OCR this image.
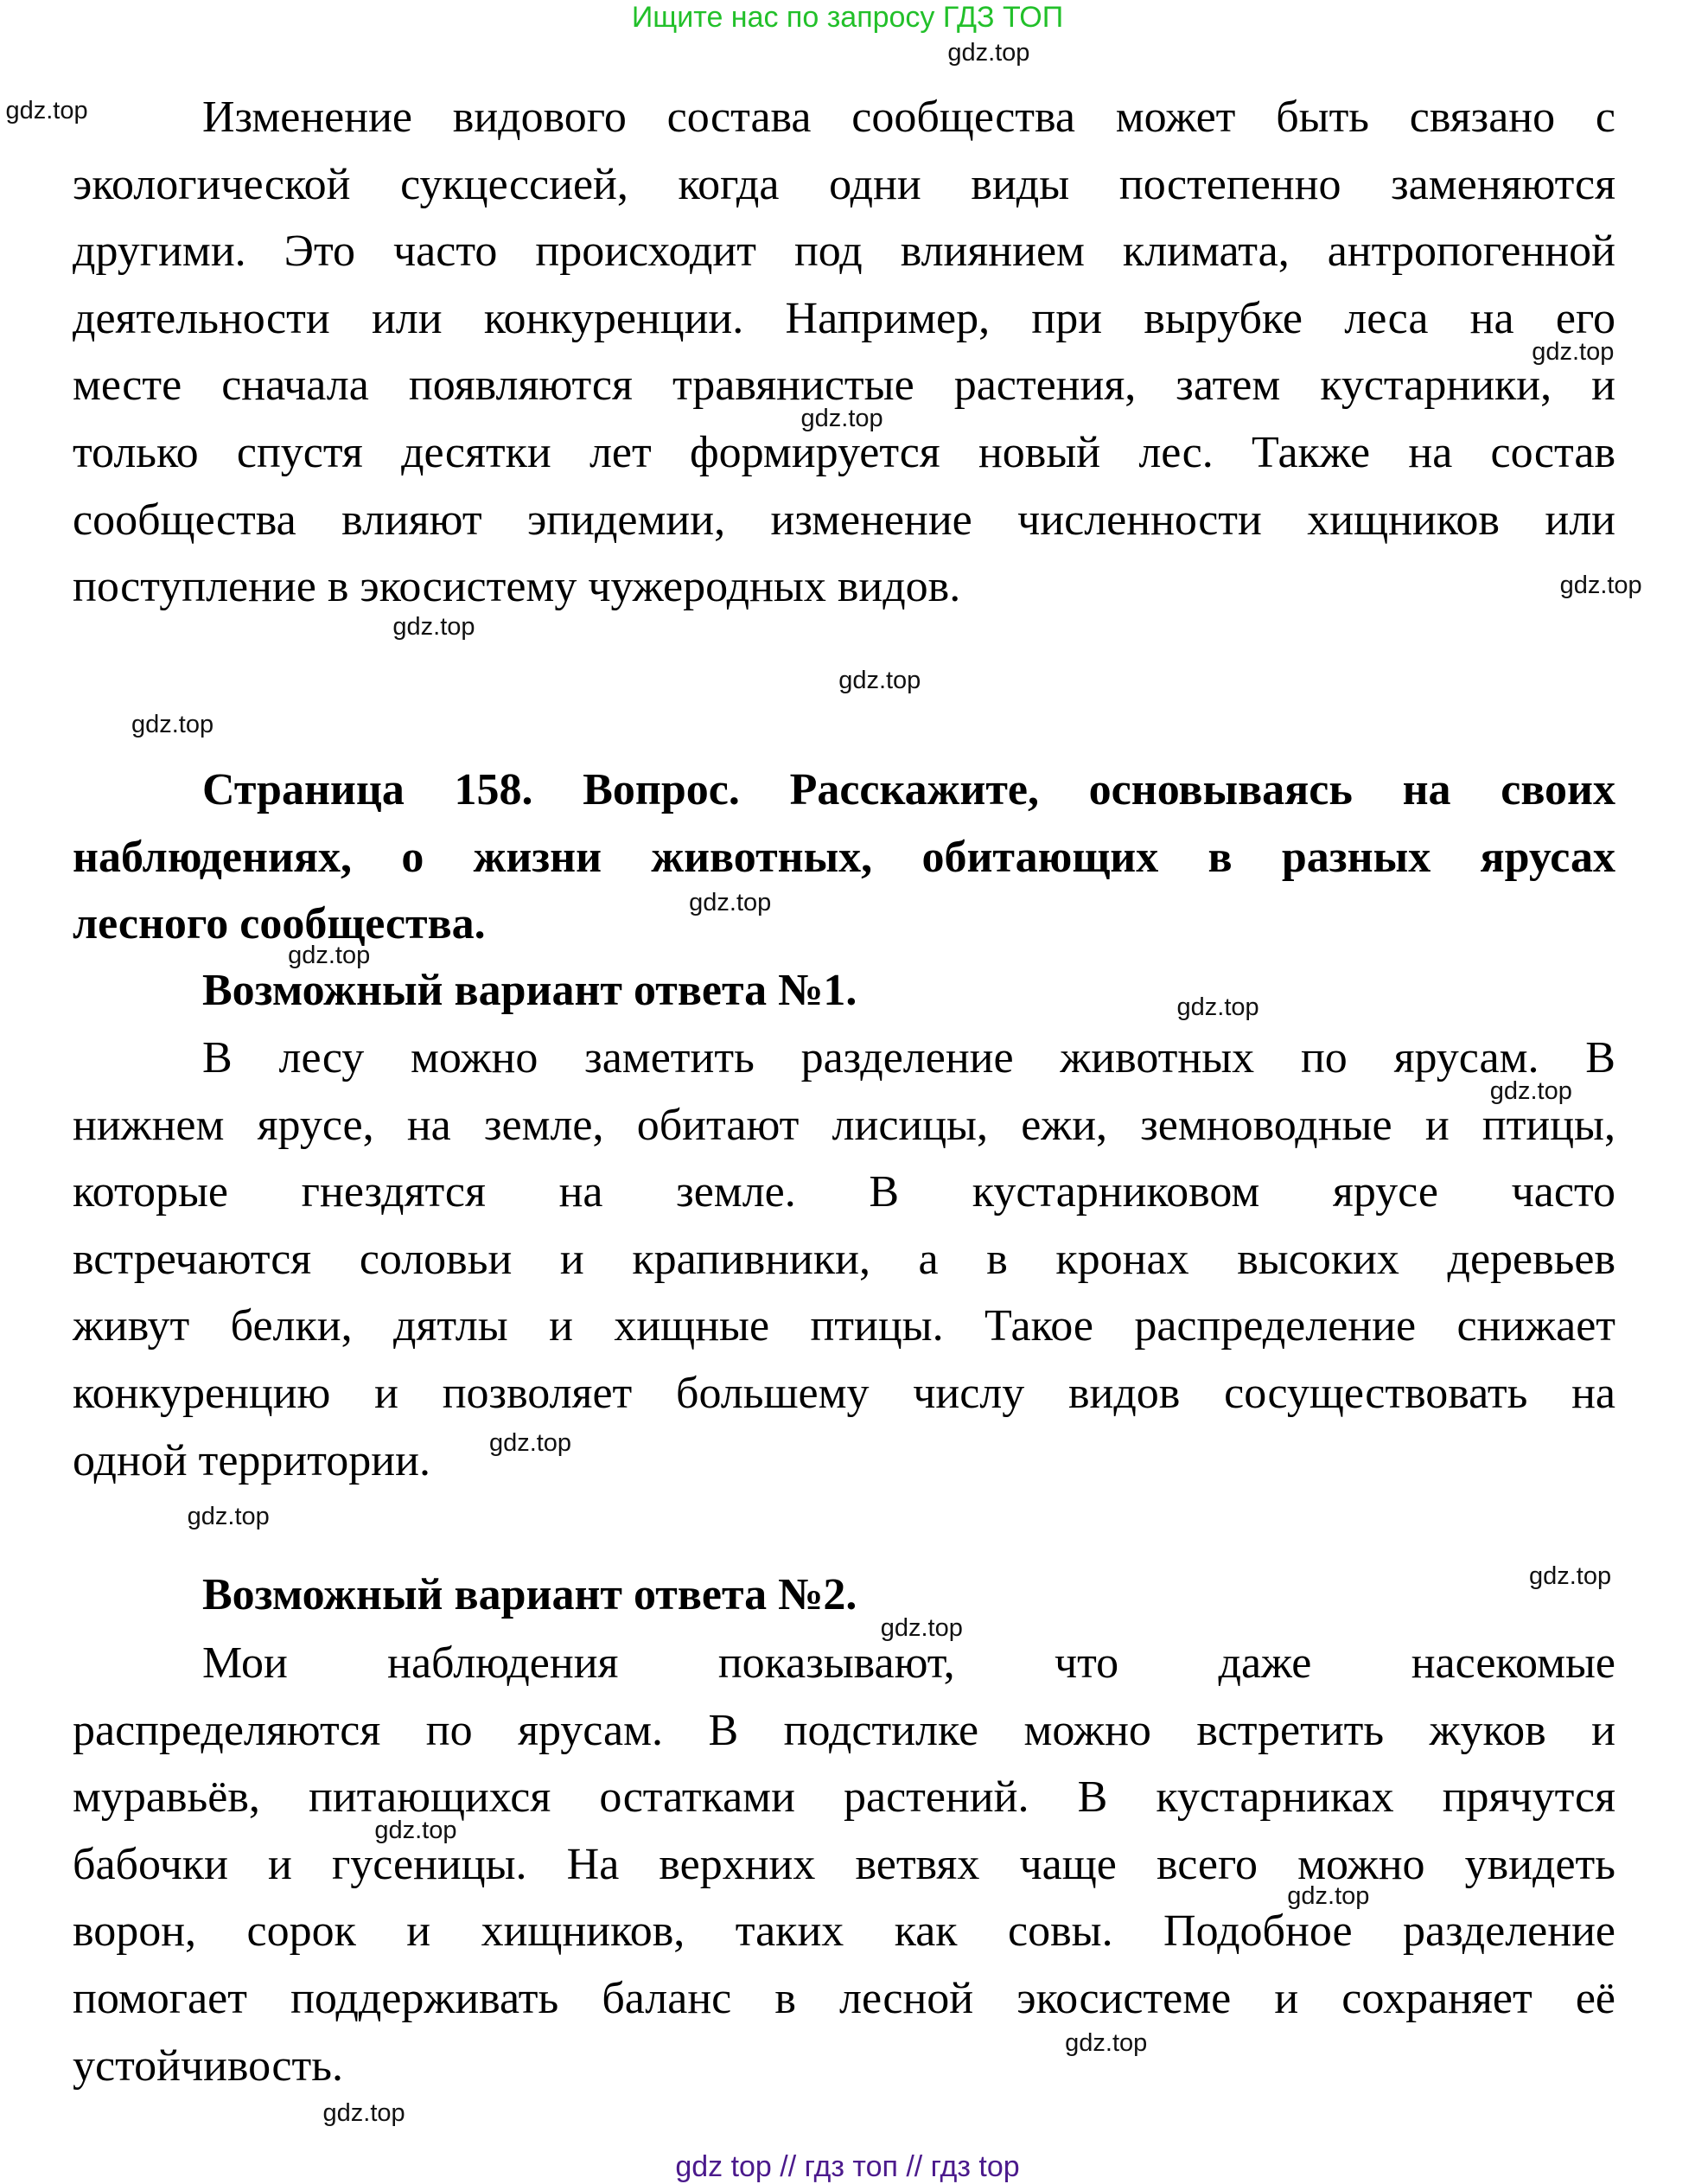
Ищите нас по запросу ГДЗ ТОП
Изменение видового состава сообщества может быть связано с
экологической сукцессией, когда одни виды постепенно заменяются
другими. Это часто происходит под влиянием климата, антропогенной
деятельности или конкуренции. Например, при вырубке леса на его
месте сначала появляются травянистые растения, затем кустарники, и
только спустя десятки лет формируется новый лес. Также на состав
сообщества влияют эпидемии, изменение численности хищников или
поступление в экосистему чужеродных видов.
Страница 158. Вопрос. Расскажите, основываясь на своих
наблюдениях, о жизни животных, обитающих в разных ярусах
лесного сообщества.
Возможный вариант ответа №1.
В лесу можно заметить разделение животных по ярусам. В
нижнем ярусе, на земле, обитают лисицы, ежи, земноводные и птицы,
которые гнездятся на земле. В кустарниковом ярусе часто
встречаются соловьи и крапивники, а в кронах высоких деревьев
живут белки, дятлы и хищные птицы. Такое распределение снижает
конкуренцию и позволяет большему числу видов сосуществовать на
одной территории.
Возможный вариант ответа №2.
Мои наблюдения показывают, что даже насекомые
распределяются по ярусам. В подстилке можно встретить жуков и
муравьёв, питающихся остатками растений. В кустарниках прячутся
бабочки и гусеницы. На верхних ветвях чаще всего можно увидеть
ворон, сорок и хищников, таких как совы. Подобное разделение
помогает поддерживать баланс в лесной экосистеме и сохраняет её
устойчивость.
gdz.top
gdz.top
gdz.top
gdz.top
gdz.top
gdz.top
gdz.top
gdz.top
gdz.top
gdz.top
gdz.top
gdz.top
gdz.top
gdz.top
gdz.top
gdz.top
gdz.top
gdz.top
gdz.top
gdz.top
gdz top // гдз топ // гдз top
